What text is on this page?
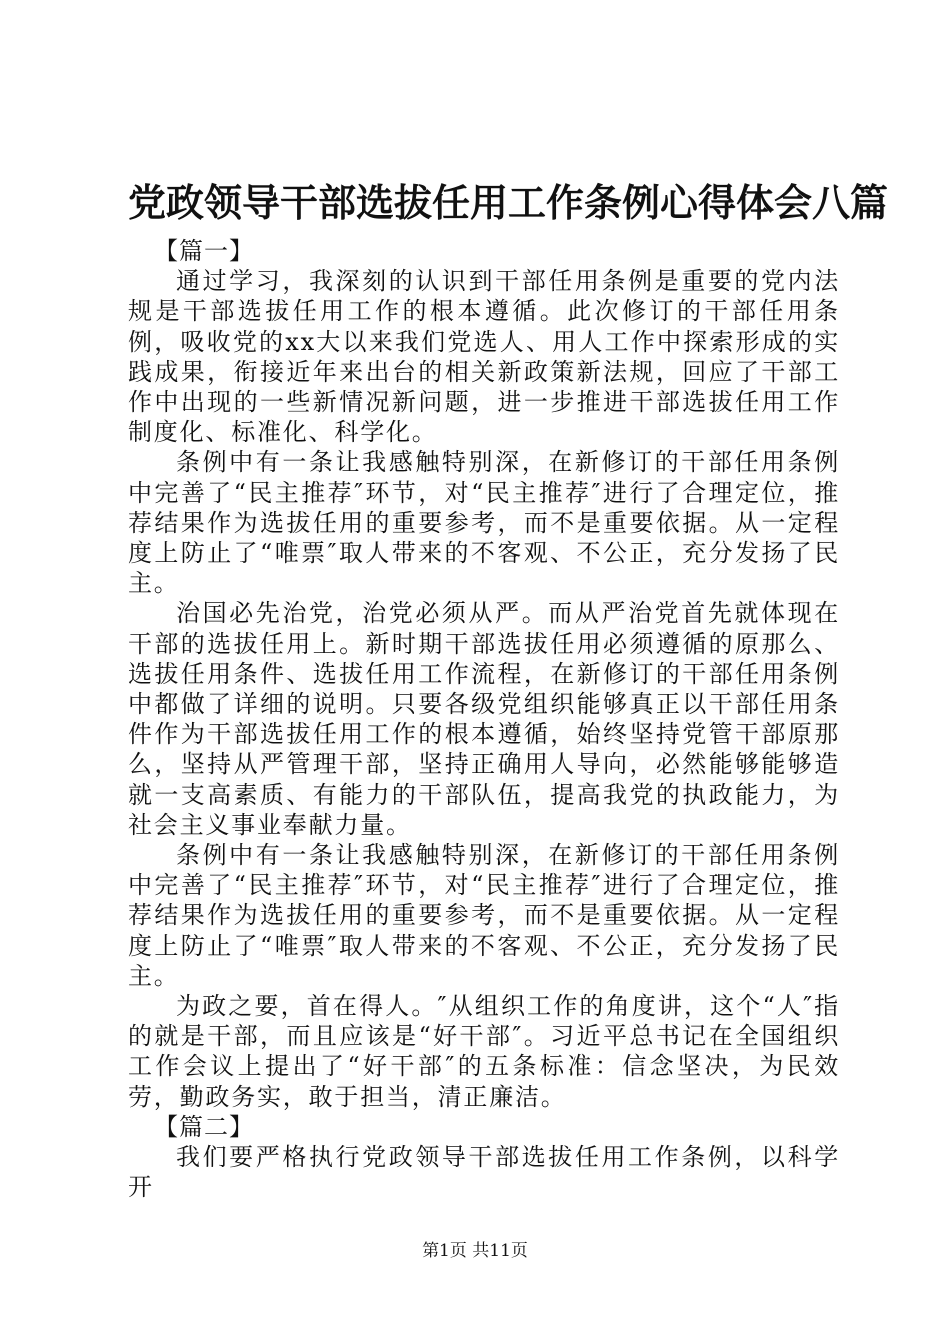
党政领导干部选拔任用工作条例心得体会八篇

【篇一】

通过学习，我深刻的认识到干部任用条例是重要的党内法规是干部选拔任用工作的根本遵循。此次修订的干部任用条例，吸收党的xx大以来我们党选人、用人工作中探索形成的实践成果，衔接近年来出台的相关新政策新法规，回应了干部工作中出现的一些新情况新问题，进一步推进干部选拔任用工作制度化、标准化、科学化。

条例中有一条让我感触特别深，在新修订的干部任用条例中完善了“民主推荐″环节，对“民主推荐″进行了合理定位，推荐结果作为选拔任用的重要参考，而不是重要依据。从一定程度上防止了“唯票″取人带来的不客观、不公正，充分发扬了民主。

治国必先治党，治党必须从严。而从严治党首先就体现在干部的选拔任用上。新时期干部选拔任用必须遵循的原那么、选拔任用条件、选拔任用工作流程，在新修订的干部任用条例中都做了详细的说明。只要各级党组织能够真正以干部任用条件作为干部选拔任用工作的根本遵循，始终坚持党管干部原那么，坚持从严管理干部，坚持正确用人导向，必然能够能够造就一支高素质、有能力的干部队伍，提高我党的执政能力，为社会主义事业奉献力量。

条例中有一条让我感触特别深，在新修订的干部任用条例中完善了“民主推荐″环节，对“民主推荐″进行了合理定位，推荐结果作为选拔任用的重要参考，而不是重要依据。从一定程度上防止了“唯票″取人带来的不客观、不公正，充分发扬了民主。

为政之要，首在得人。″从组织工作的角度讲，这个“人″指的就是干部，而且应该是“好干部″。习近平总书记在全国组织工作会议上提出了“好干部″的五条标准：信念坚决，为民效劳，勤政务实，敢于担当，清正廉洁。

【篇二】

我们要严格执行党政领导干部选拔任用工作条例，以科学开

第1页 共11页
